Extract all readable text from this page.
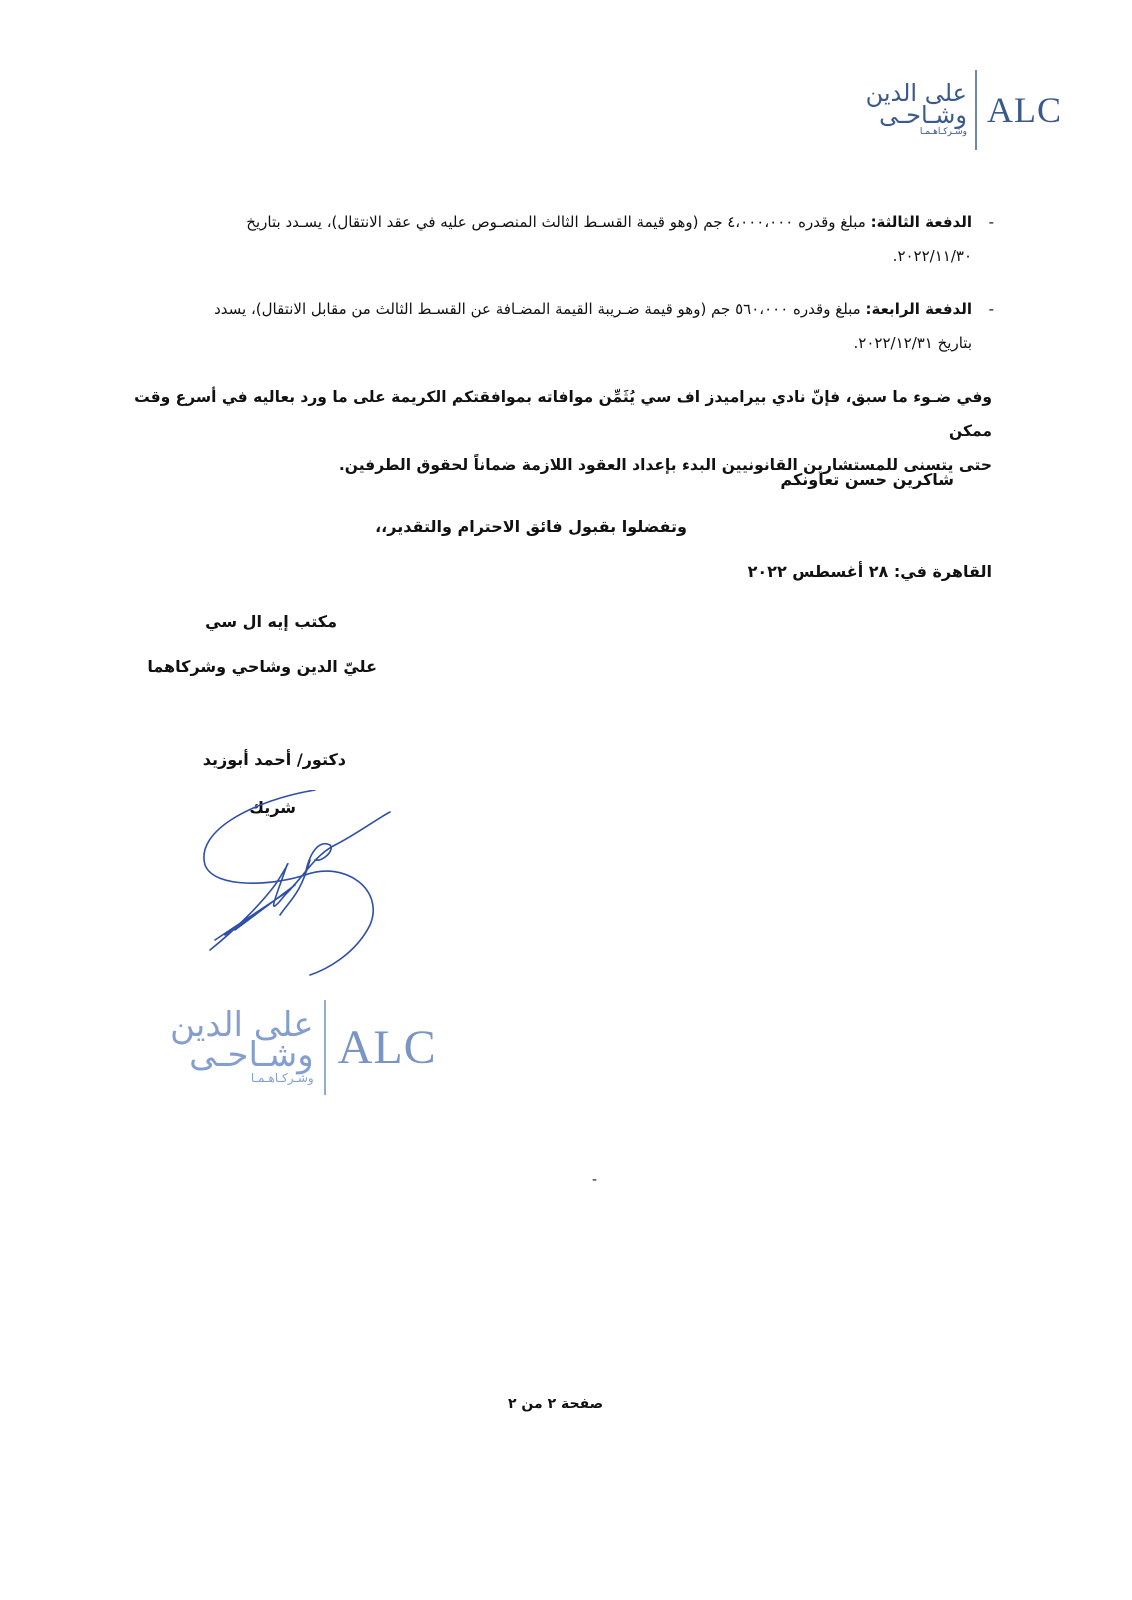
على الدين
وشـاحـى
وشـركـاهـمـا
ALC
-
الدفعة الثالثة: مبلغ وقدره ٤،٠٠٠،٠٠٠ جم (وهو قيمة القسـط الثالث المنصـوص عليه في عقد الانتقال)، يسـدد بتاريخ
٢٠٢٢/١١/٣٠.
-
الدفعة الرابعة: مبلغ وقدره ٥٦٠،٠٠٠ جم (وهو قيمة ضـريبة القيمة المضـافة عن القسـط الثالث من مقابل الانتقال)، يسدد
بتاريخ ٢٠٢٢/١٢/٣١.
وفي ضـوء ما سبق، فإنّ نادي بيراميدز اف سي يُثَمِّن موافاته بموافقتكم الكريمة على ما ورد بعاليه في أسرع وقت ممكن
حتى يتسنى للمستشارين القانونيين البدء بإعداد العقود اللازمة ضماناً لحقوق الطرفين.
شاكرين حسن تعاونكم
وتفضلوا بقبول فائق الاحترام والتقدير،،
القاهرة في: ٢٨ أغسطس ٢٠٢٢
مكتب إيه ال سي
عليّ الدين وشاحي وشركاهما
دكتور/ أحمد أبوزيد
شريك
على الدين
وشـاحـى
وشـركـاهـمـا
ALC
-
صفحة ٢ من ٢
